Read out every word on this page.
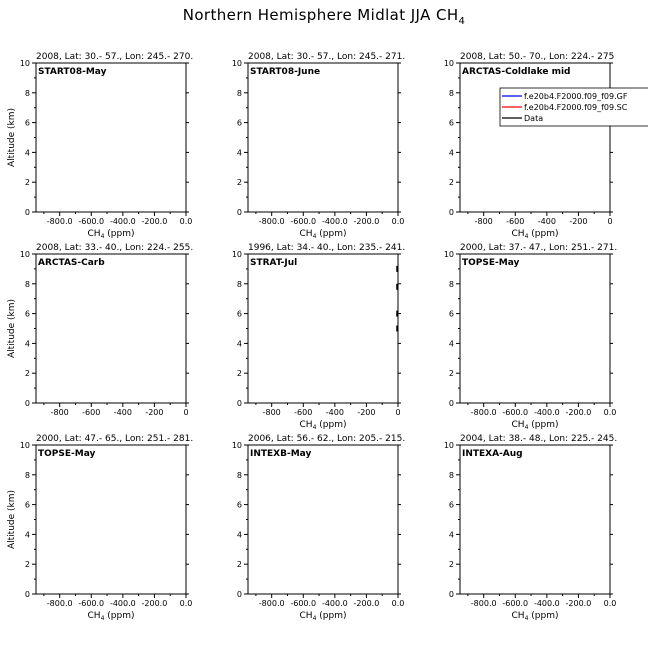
Northern Hemisphere Midlat JJA $CH_4$
2008, Lat: 30.- 57., Lon: 245.- 270.
START08-May
0
2
4
6
8
10
-800.0 -600.0 -400.0 -200.0 0.0
$CH_4$ (ppm)
Altitude (km)
2008, Lat: 30.- 57., Lon: 245.- 271.
START08-June
0
2
4
6
8
10
-800.0 -600.0 -400.0 -200.0 0.0
$CH_4$ (ppm)
2008, Lat: 50.- 70., Lon: 224.- 275
ARCTAS-Coldlake mid
0
2
4
6
8
10
-800 -600 -400 -200 0
$CH_4$ (ppm)
f.e20b4.F2000.f09_f09.GF
f.e20b4.F2000.f09_f09.SC
Data
2008, Lat: 33.- 40., Lon: 224.- 255.
ARCTAS-Carb
0
2
4
6
8
10
-800 -600 -400 -200 0
Altitude (km)
1996, Lat: 34.- 40., Lon: 235.- 241.
STRAT-Jul
0
2
4
6
8
10
-800 -600 -400 -200 0
$CH_4$ (ppm)
2000, Lat: 37.- 47., Lon: 251.- 271.
TOPSE-May
0
2
4
6
8
10
-800.0 -600.0 -400.0 -200.0 0.0
$CH_4$ (ppm)
2000, Lat: 47.- 65., Lon: 251.- 281.
TOPSE-May
0
2
4
6
8
10
-800.0 -600.0 -400.0 -200.0 0.0
$CH_4$ (ppm)
Altitude (km)
2006, Lat: 56.- 62., Lon: 205.- 215.
INTEXB-May
0
2
4
6
8
10
-800.0 -600.0 -400.0 -200.0 0.0
$CH_4$ (ppm)
2004, Lat: 38.- 48., Lon: 225.- 245.
INTEXA-Aug
0
2
4
6
8
10
-800.0 -600.0 -400.0 -200.0 0.0
$CH_4$ (ppm)
